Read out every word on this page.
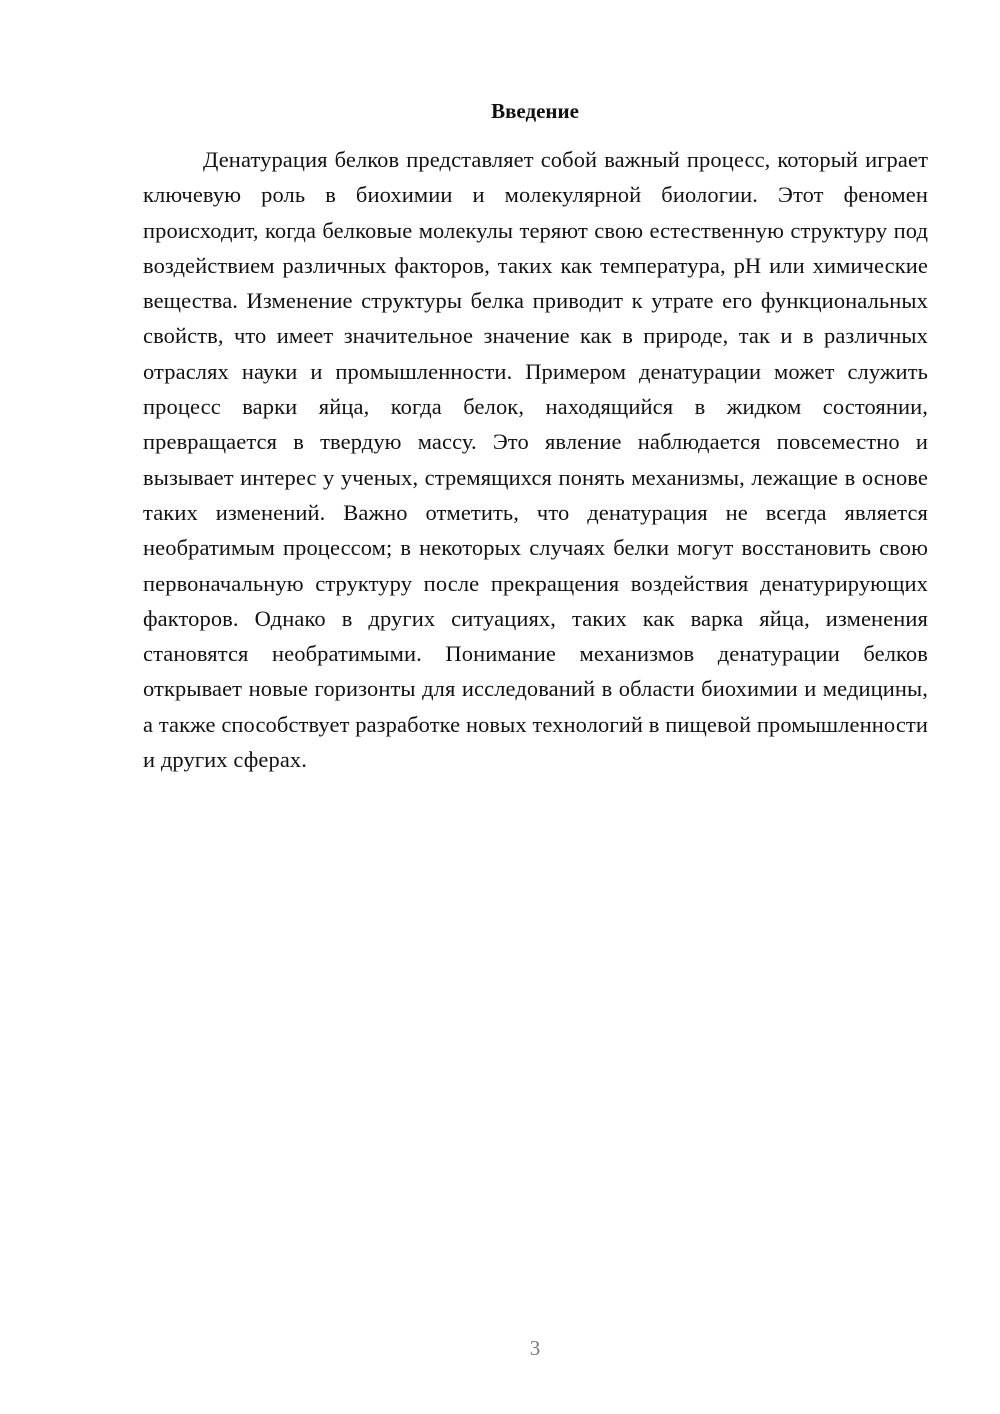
Введение

Денатурация белков представляет собой важный процесс, который играет ключевую роль в биохимии и молекулярной биологии. Этот феномен происходит, когда белковые молекулы теряют свою естественную структуру под воздействием различных факторов, таких как температура, pH или химические вещества. Изменение структуры белка приводит к утрате его функциональных свойств, что имеет значительное значение как в природе, так и в различных отраслях науки и промышленности. Примером денатурации может служить процесс варки яйца, когда белок, находящийся в жидком состоянии, превращается в твердую массу. Это явление наблюдается повсеместно и вызывает интерес у ученых, стремящихся понять механизмы, лежащие в основе таких изменений. Важно отметить, что денатурация не всегда является необратимым процессом; в некоторых случаях белки могут восстановить свою первоначальную структуру после прекращения воздействия денатурирующих факторов. Однако в других ситуациях, таких как варка яйца, изменения становятся необратимыми. Понимание механизмов денатурации белков открывает новые горизонты для исследований в области биохимии и медицины, а также способствует разработке новых технологий в пищевой промышленности и других сферах.

3
